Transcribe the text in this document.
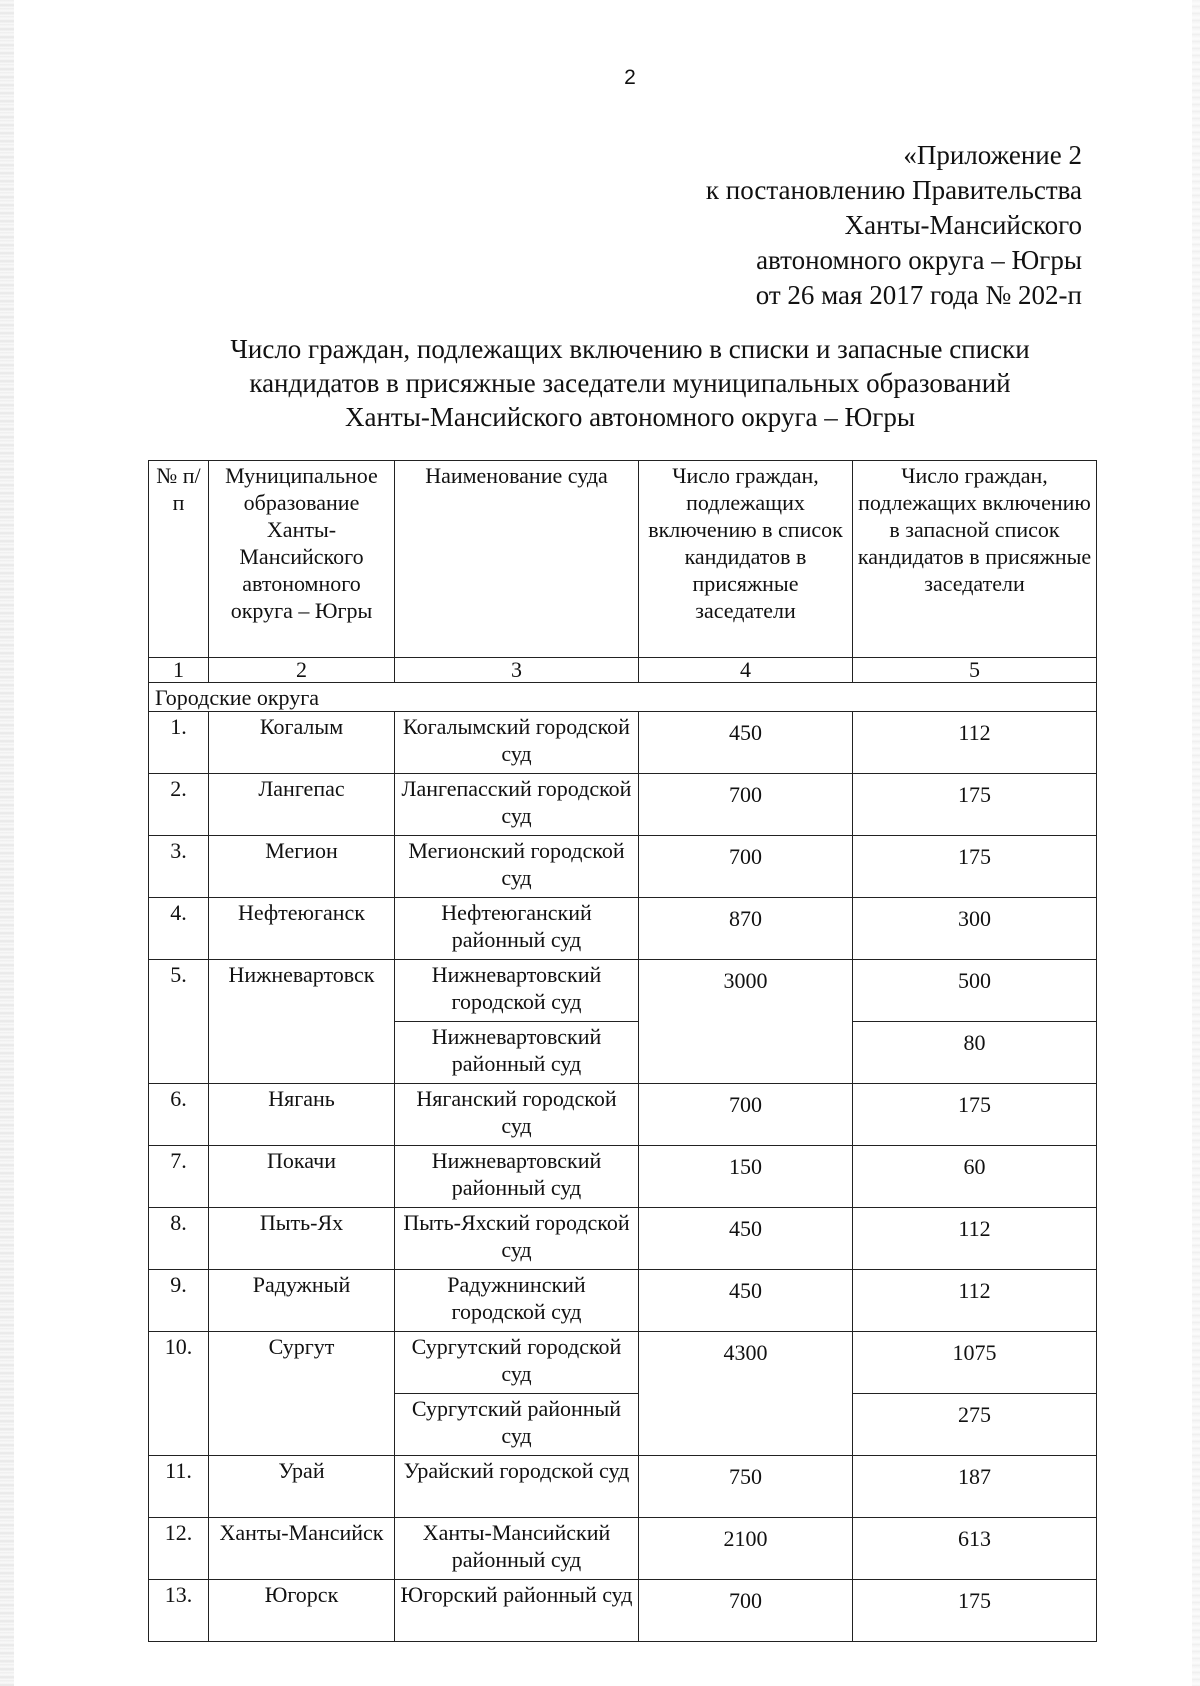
2
«Приложение 2
к постановлению Правительства
Ханты-Мансийского
автономного округа – Югры
от 26 мая 2017 года № 202-п
Число граждан, подлежащих включению в списки и запасные списки
кандидатов в присяжные заседатели муниципальных образований
Ханты-Мансийского автономного округа – Югры
№ п/п	Муниципальное образование Ханты-Мансийского автономного округа – Югры	Наименование суда	Число граждан, подлежащих включению в список кандидатов в присяжные заседатели	Число граждан, подлежащих включению в запасной список кандидатов в присяжные заседатели
1	2	3	4	5
Городские округа				
1.	Когалым	Когалымский городской суд	450	112
2.	Лангепас	Лангепасский городской суд	700	175
3.	Мегион	Мегионский городской суд	700	175
4.	Нефтеюганск	Нефтеюганский районный суд	870	300
5.	Нижневартовск	Нижневартовский городской суд	3000	500
		Нижневартовский районный суд		80
6.	Нягань	Няганский городской суд	700	175
7.	Покачи	Нижневартовский районный суд	150	60
8.	Пыть-Ях	Пыть-Яхский городской суд	450	112
9.	Радужный	Радужнинский городской суд	450	112
10.	Сургут	Сургутский городской суд	4300	1075
		Сургутский районный суд		275
11.	Урай	Урайский городской суд	750	187
12.	Ханты-Мансийск	Ханты-Мансийский районный суд	2100	613
13.	Югорск	Югорский районный суд	700	175
